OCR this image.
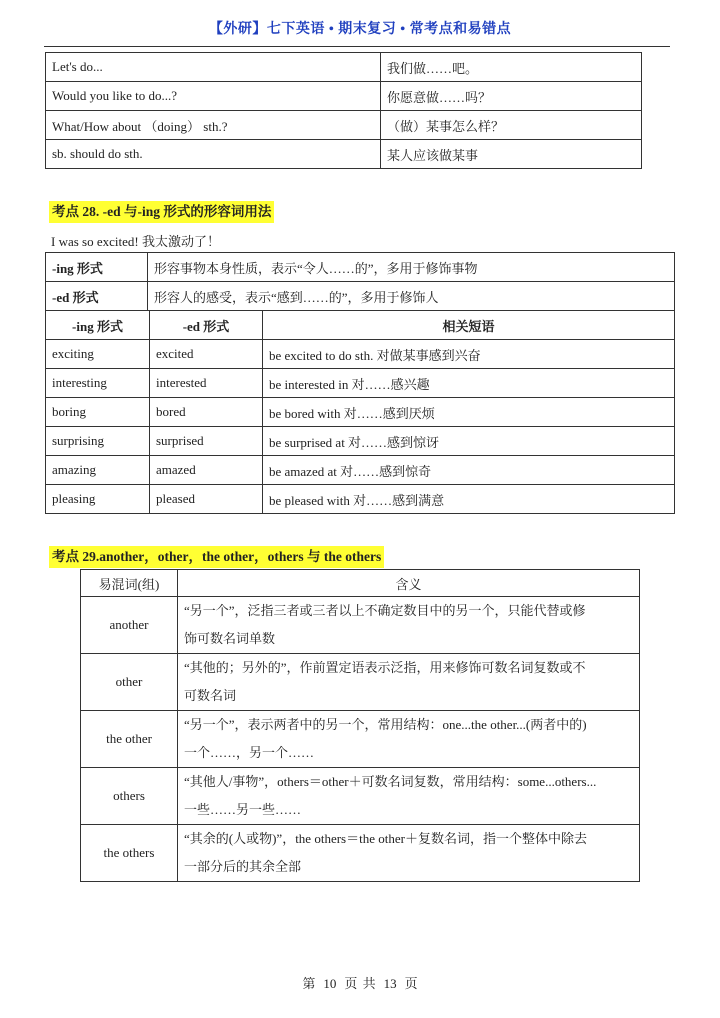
【外研】七下英语 • 期末复习 • 常考点和易错点
Let's do...	我们做……吧。
Would you like to do...?	你愿意做……吗？
What/How about （doing） sth.?	（做）某事怎么样？
sb. should do sth.	某人应该做某事
考点 28. -ed 与-ing 形式的形容词用法
I was so excited! 我太激动了！
-ing 形式	形容事物本身性质，表示“令人……的”，多用于修饰事物
-ed 形式	形容人的感受，表示“感到……的”，多用于修饰人
-ing 形式	-ed 形式	相关短语
exciting	excited	be excited to do sth. 对做某事感到兴奋
interesting	interested	be interested in 对……感兴趣
boring	bored	be bored with 对……感到厌烦
surprising	surprised	be surprised at 对……感到惊讶
amazing	amazed	be amazed at 对……感到惊奇
pleasing	pleased	be pleased with 对……感到满意
考点 29.another，other，the other，others 与 the others
易混词(组)	含义
another	“另一个”，泛指三者或三者以上不确定数目中的另一个，只能代替或修
饰可数名词单数
other	“其他的；另外的”，作前置定语表示泛指，用来修饰可数名词复数或不
可数名词
the other	“另一个”，表示两者中的另一个，常用结构：one...the other...(两者中的)
一个……，另一个……
others	“其他人/事物”，others＝other＋可数名词复数，常用结构：some...others...
一些……另一些……
the others	“其余的(人或物)”，the others＝the other＋复数名词，指一个整体中除去
一部分后的其余全部
第 10 页 共 13 页
